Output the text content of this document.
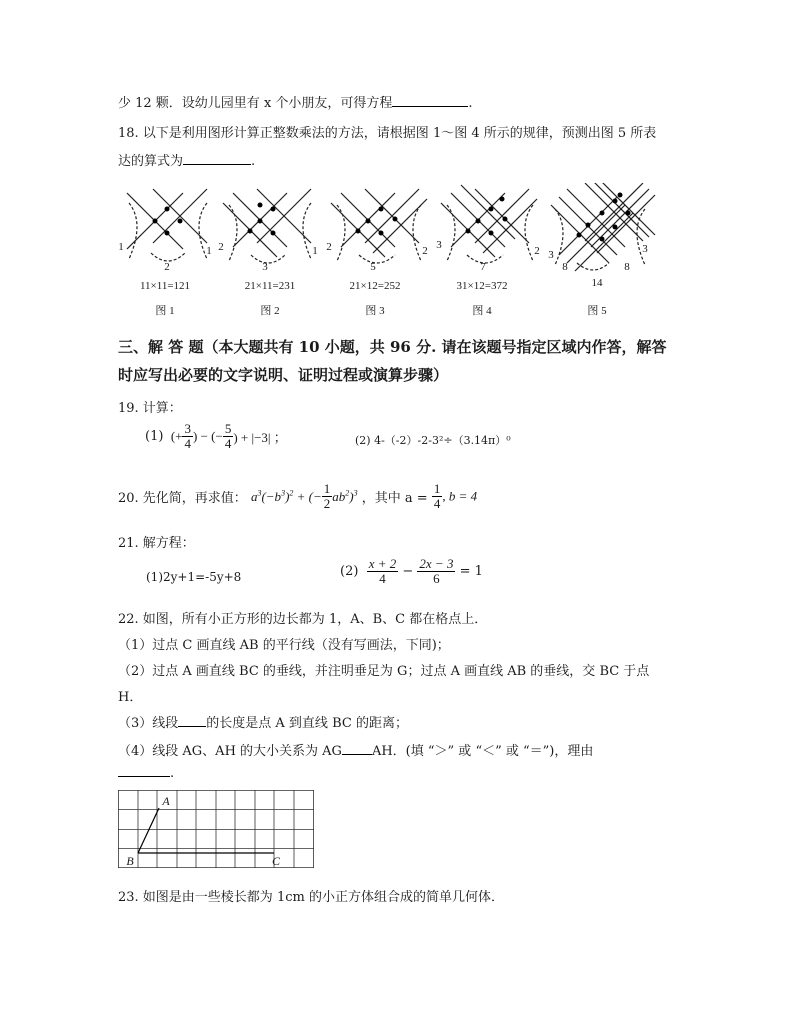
少 12 颗．设幼儿园里有 x 个小朋友，可得方程	.
18. 以下是利用图形计算正整数乘法的方法，请根据图 1～图 4 所示的规律，预测出图 5 所表
达的算式为	.
1
2
1
11×11=121
图 1
2
3
1
21×11=231
图 2
2
5
2
21×12=252
图 3
3
7
2
31×12=372
图 4
3
8
14
8
3
图 5
三、解 答 题（本大题共有 10 小题，共 96 分. 请在该题号指定区域内作答，解答
时应写出必要的文字说明、证明过程或演算步骤）
19. 计算：
(1)  (+ $\frac{3}{4}$ ) − (− $\frac{5}{4}$ ) + |−3| ；	(2) 4-（-2）-2-3²÷（3.14π）⁰
20. 先化简，再求值： $a^3(-b^3)^2$ + (− $\frac{1}{2} ab^2)^3$ ，其中 $a = \frac{1}{4}$ , b = 4
21. 解方程：
(1)2y+1=-5y+8	$(2) \frac{x + 2}{4} - \frac{2x - 3}{6} = 1$
22. 如图，所有小正方形的边长都为 1，A、B、C 都在格点上．
（1）过点 C 画直线 AB 的平行线（没有写画法，下同)；
（2）过点 A 画直线 BC 的垂线，并注明垂足为 G；过点 A 画直线 AB 的垂线，交 BC 于点
H．
（3）线段 的长度是点 A 到直线 BC 的距离；
（4）线段 AG、AH 的大小关系为 AG AH．(填 “＞” 或 “＜” 或 “＝”)，理由
.
A
B	C
23. 如图是由一些棱长都为 1cm 的小正方体组合成的简单几何体．
